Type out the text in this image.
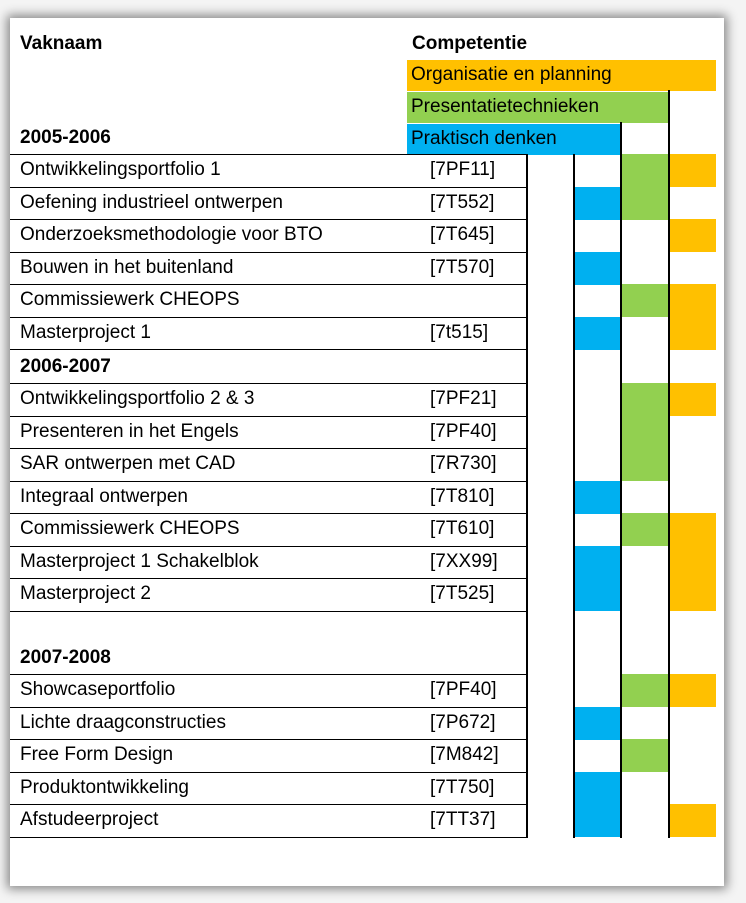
Vaknaam	Competentie
Organisatie en planning
Presentatietechnieken
Praktisch denken
2005-2006
Ontwikkelingsportfolio 1	[7PF11]
Oefening industrieel ontwerpen	[7T552]
Onderzoeksmethodologie voor BTO	[7T645]
Bouwen in het buitenland	[7T570]
Commissiewerk CHEOPS
Masterproject 1	[7t515]
2006-2007
Ontwikkelingsportfolio 2 & 3	[7PF21]
Presenteren in het Engels	[7PF40]
SAR ontwerpen met CAD	[7R730]
Integraal ontwerpen	[7T810]
Commissiewerk CHEOPS	[7T610]
Masterproject 1 Schakelblok	[7XX99]
Masterproject 2	[7T525]
2007-2008
Showcaseportfolio	[7PF40]
Lichte draagconstructies	[7P672]
Free Form Design	[7M842]
Produktontwikkeling	[7T750]
Afstudeerproject	[7TT37]
